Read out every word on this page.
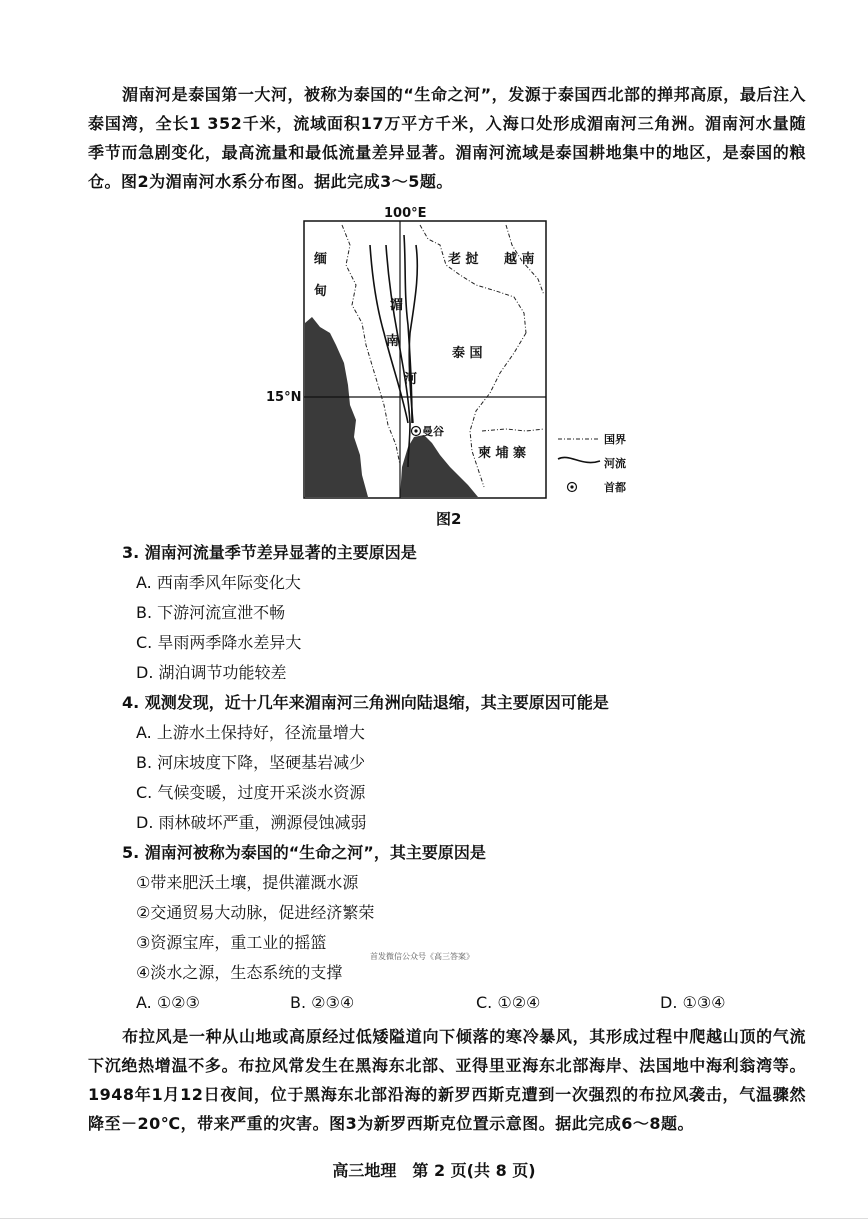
湄南河是泰国第一大河，被称为泰国的“生命之河”，发源于泰国西北部的掸邦高原，最后注入泰国湾，全长1 352千米，流域面积17万平方千米，入海口处形成湄南河三角洲。湄南河水量随季节而急剧变化，最高流量和最低流量差异显著。湄南河流域是泰国耕地集中的地区，是泰国的粮仓。图2为湄南河水系分布图。据此完成3～5题。

曼谷
100°E
15°N
缅
甸
老 挝 越 南
泰 国
柬 埔 寨
湄
南
河
国界
河流
首都
图2
3. 湄南河流量季节差异显著的主要原因是
A. 西南季风年际变化大
B. 下游河流宣泄不畅
C. 旱雨两季降水差异大
D. 湖泊调节功能较差
4. 观测发现，近十几年来湄南河三角洲向陆退缩，其主要原因可能是
A. 上游水土保持好，径流量增大
B. 河床坡度下降，坚硬基岩减少
C. 气候变暖，过度开采淡水资源
D. 雨林破坏严重，溯源侵蚀减弱
5. 湄南河被称为泰国的“生命之河”，其主要原因是
①带来肥沃土壤，提供灌溉水源
②交通贸易大动脉，促进经济繁荣
③资源宝库，重工业的摇篮
首发微信公众号《高三答案》
④淡水之源，生态系统的支撑
A. ①②③	B. ②③④	C. ①②④	D. ①③④

布拉风是一种从山地或高原经过低矮隘道向下倾落的寒冷暴风，其形成过程中爬越山顶的气流下沉绝热增温不多。布拉风常发生在黑海东北部、亚得里亚海东北部海岸、法国地中海利翁湾等。1948年1月12日夜间，位于黑海东北部沿海的新罗西斯克遭到一次强烈的布拉风袭击，气温骤然降至－20℃，带来严重的灾害。图3为新罗西斯克位置示意图。据此完成6～8题。

高三地理　第 2 页(共 8 页)
